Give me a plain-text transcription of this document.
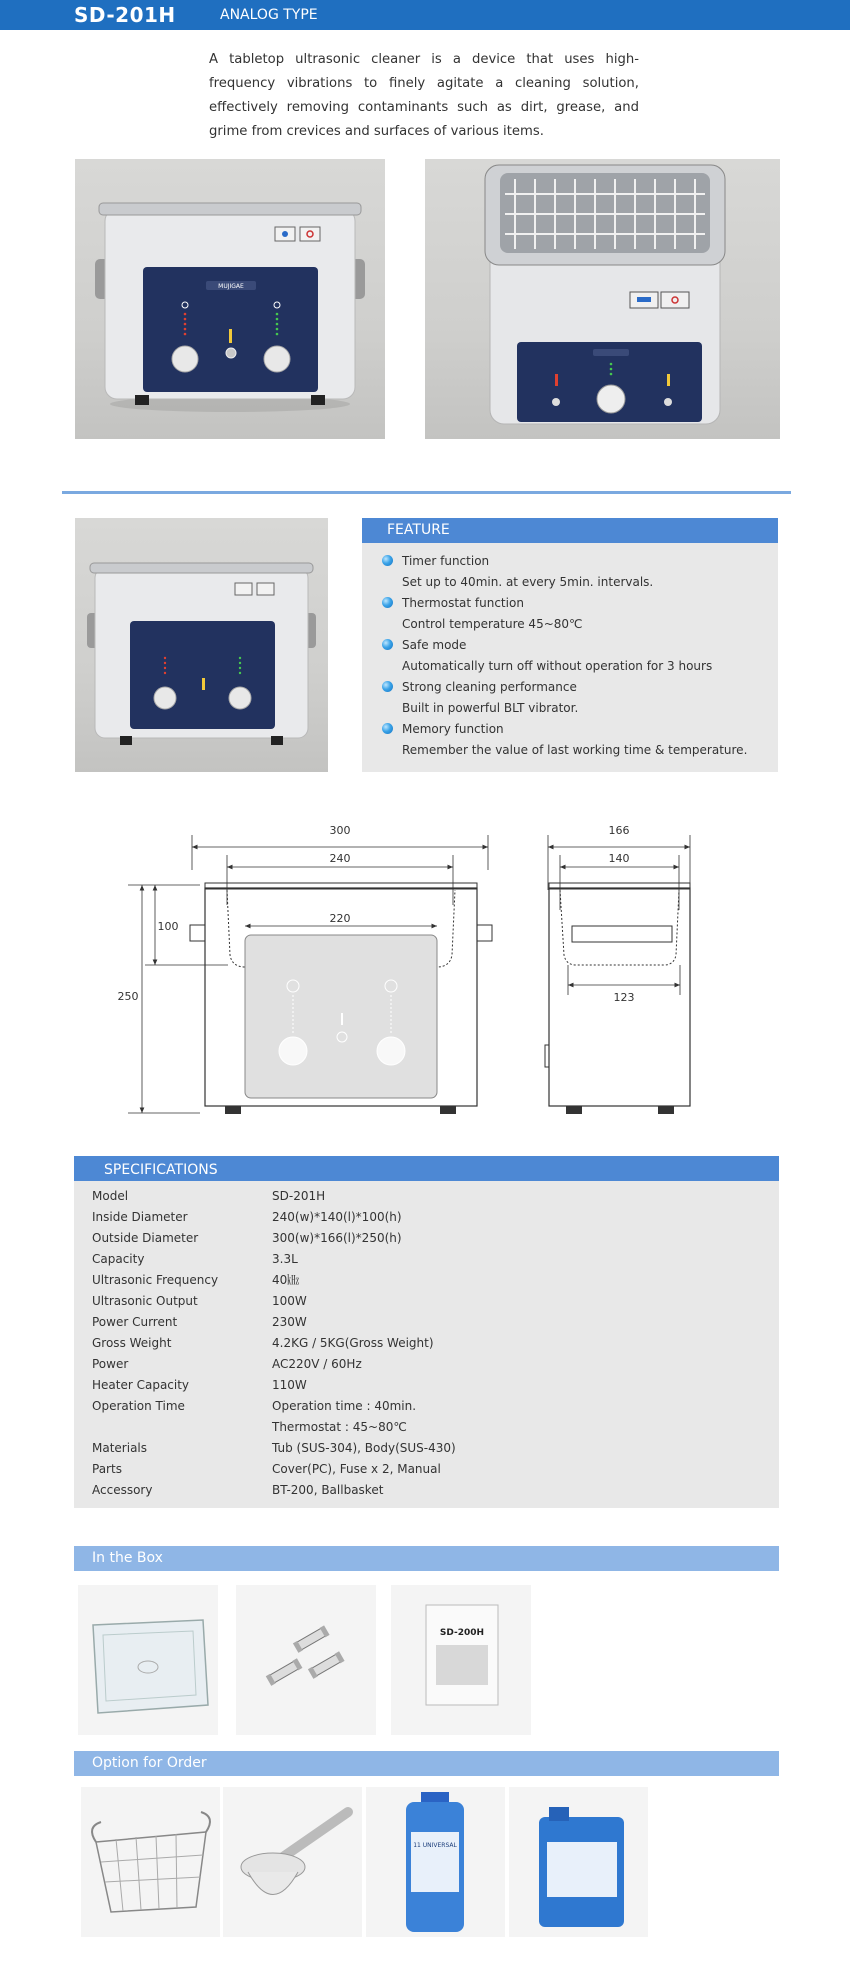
SD-201H	ANALOG TYPE
A tabletop ultrasonic cleaner is a device that uses high-frequency vibrations to finely agitate a cleaning solution, effectively removing contaminants such as dirt, grease, and grime from crevices and surfaces of various items.
MUJIGAE
FEATURE
Timer function
Set up to 40min. at every 5min. intervals.
Thermostat function
Control temperature 45~80℃
Safe mode
Automatically turn off without operation for 3 hours
Strong cleaning performance
Built in powerful BLT vibrator.
Memory function
Remember the value of last working time & temperature.
300
240
220
250
100
166
140
123
SPECIFICATIONS
Model	SD-201H
Inside Diameter	240(w)*140(l)*100(h)
Outside Diameter	300(w)*166(l)*250(h)
Capacity	3.3L
Ultrasonic Frequency	40㎑
Ultrasonic Output	100W
Power Current	230W
Gross Weight	4.2KG / 5KG(Gross Weight)
Power	AC220V / 60Hz
Heater Capacity	110W
Operation Time	Operation time : 40min.
	Thermostat : 45~80℃
Materials	Tub (SUS-304), Body(SUS-430)
Parts	Cover(PC), Fuse x 2, Manual
Accessory	BT-200, Ballbasket
In the Box
SD-200H
Option for Order
11 UNIVERSAL
